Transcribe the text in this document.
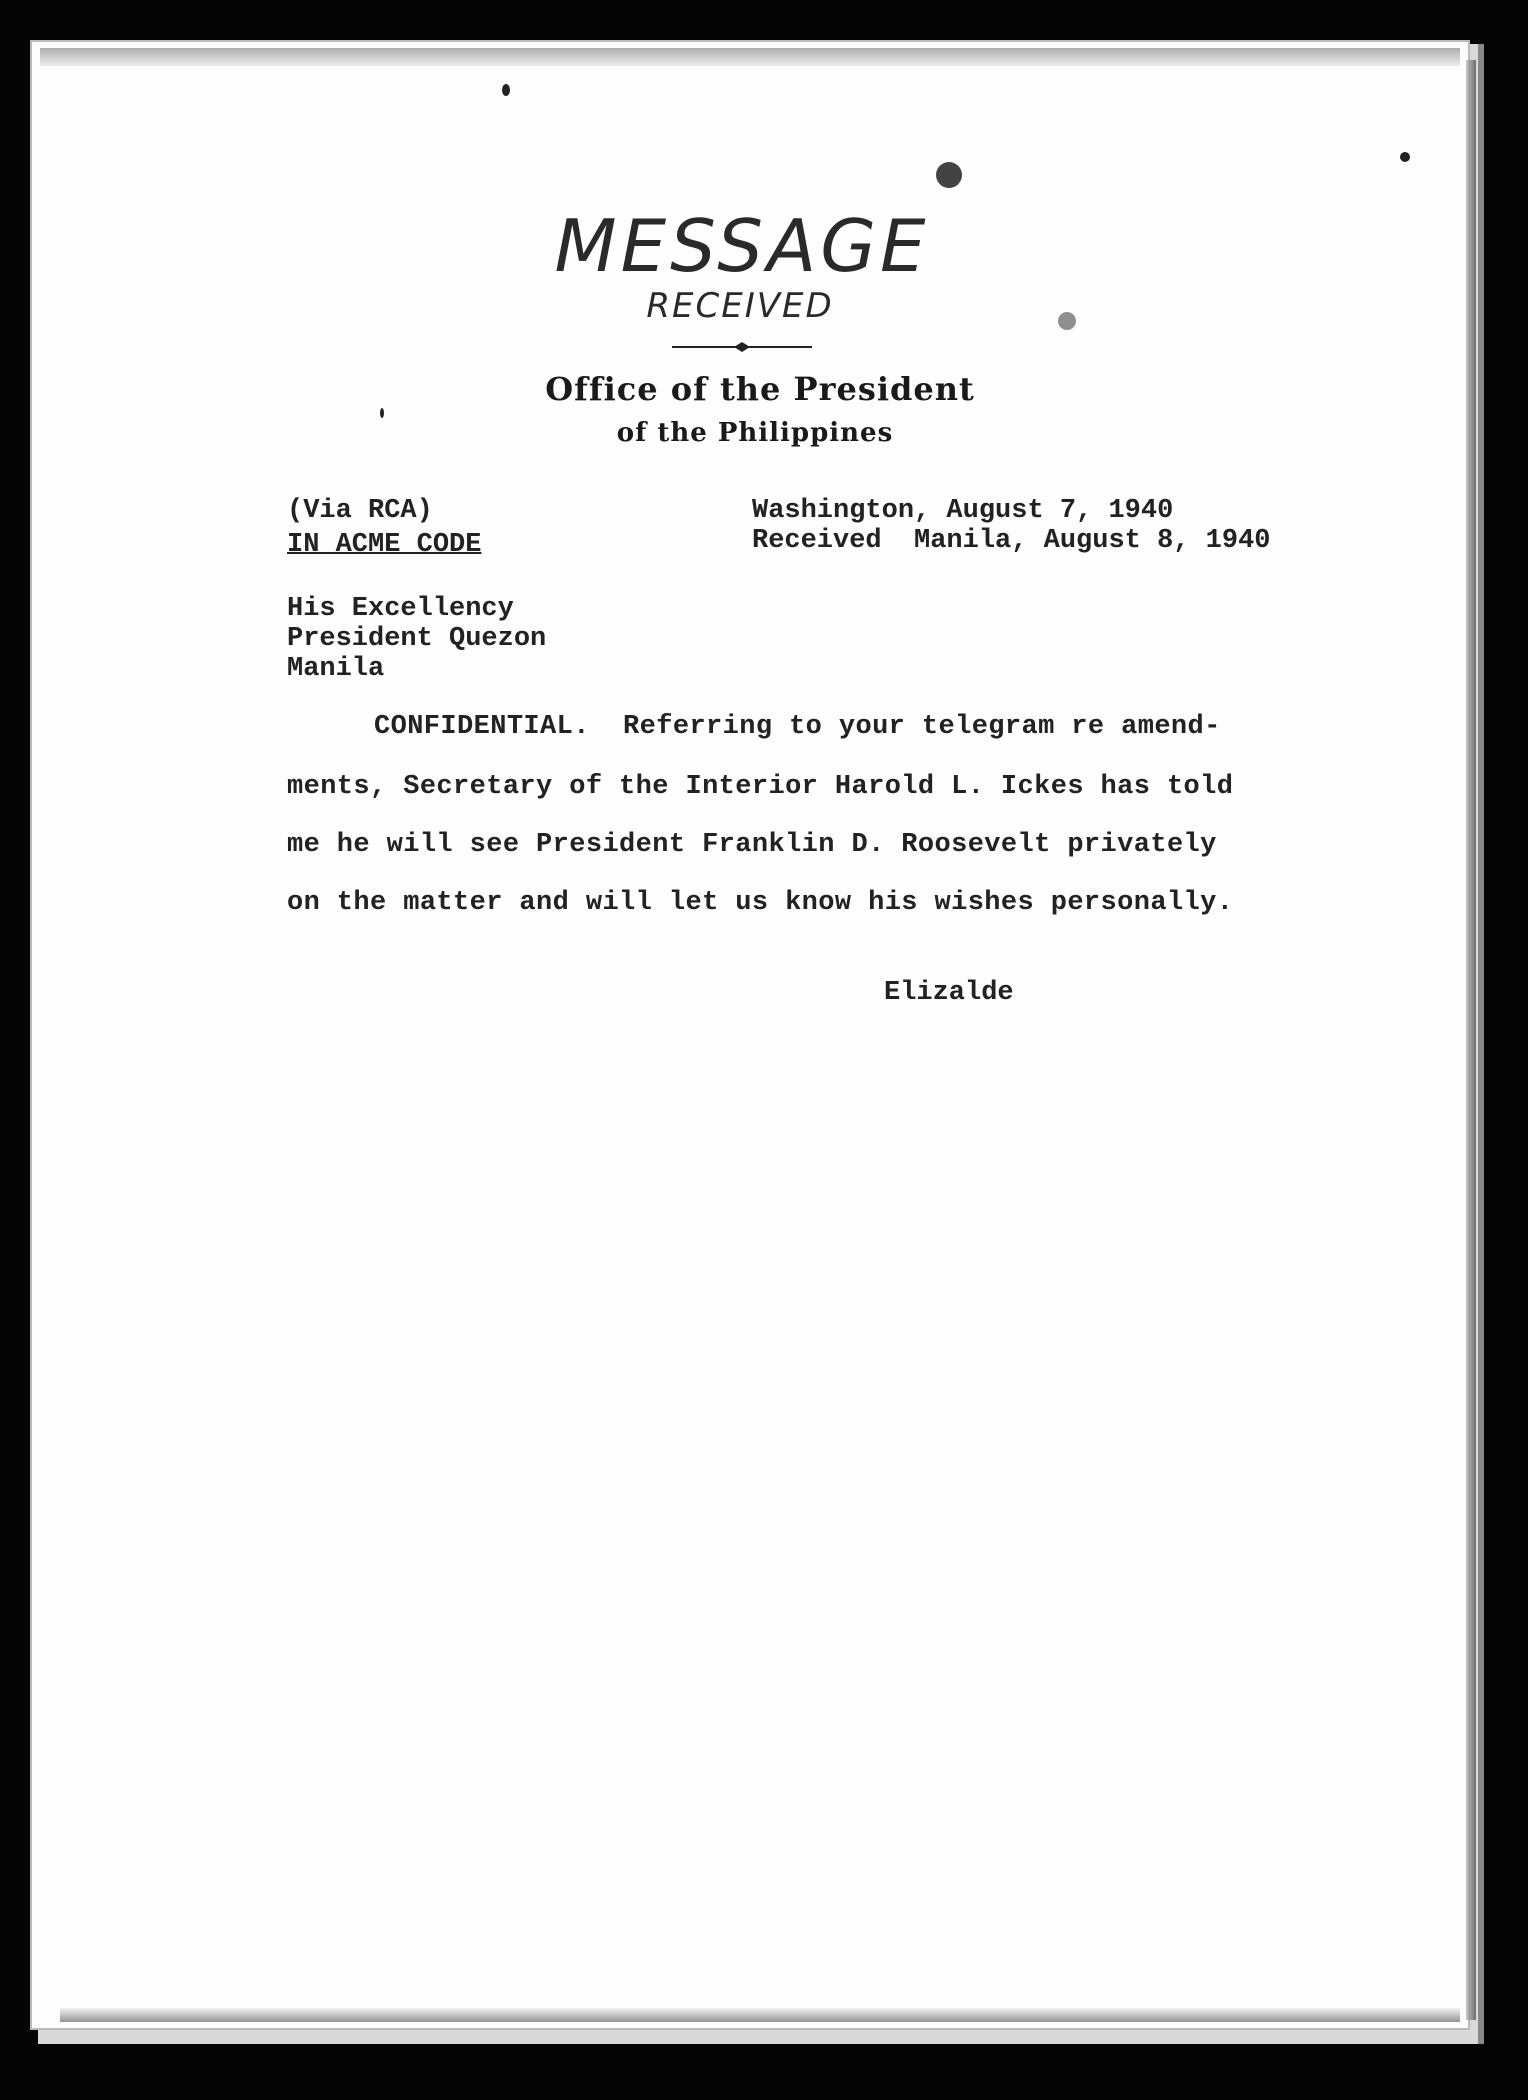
MESSAGE
RECEIVED
Office of the President
of the Philippines
(Via RCA)
IN ACME CODE
Washington, August 7, 1940
Received  Manila, August 8, 1940
His Excellency
President Quezon
Manila
CONFIDENTIAL.  Referring to your telegram re amend-
ments, Secretary of the Interior Harold L. Ickes has told
me he will see President Franklin D. Roosevelt privately
on the matter and will let us know his wishes personally.
Elizalde
